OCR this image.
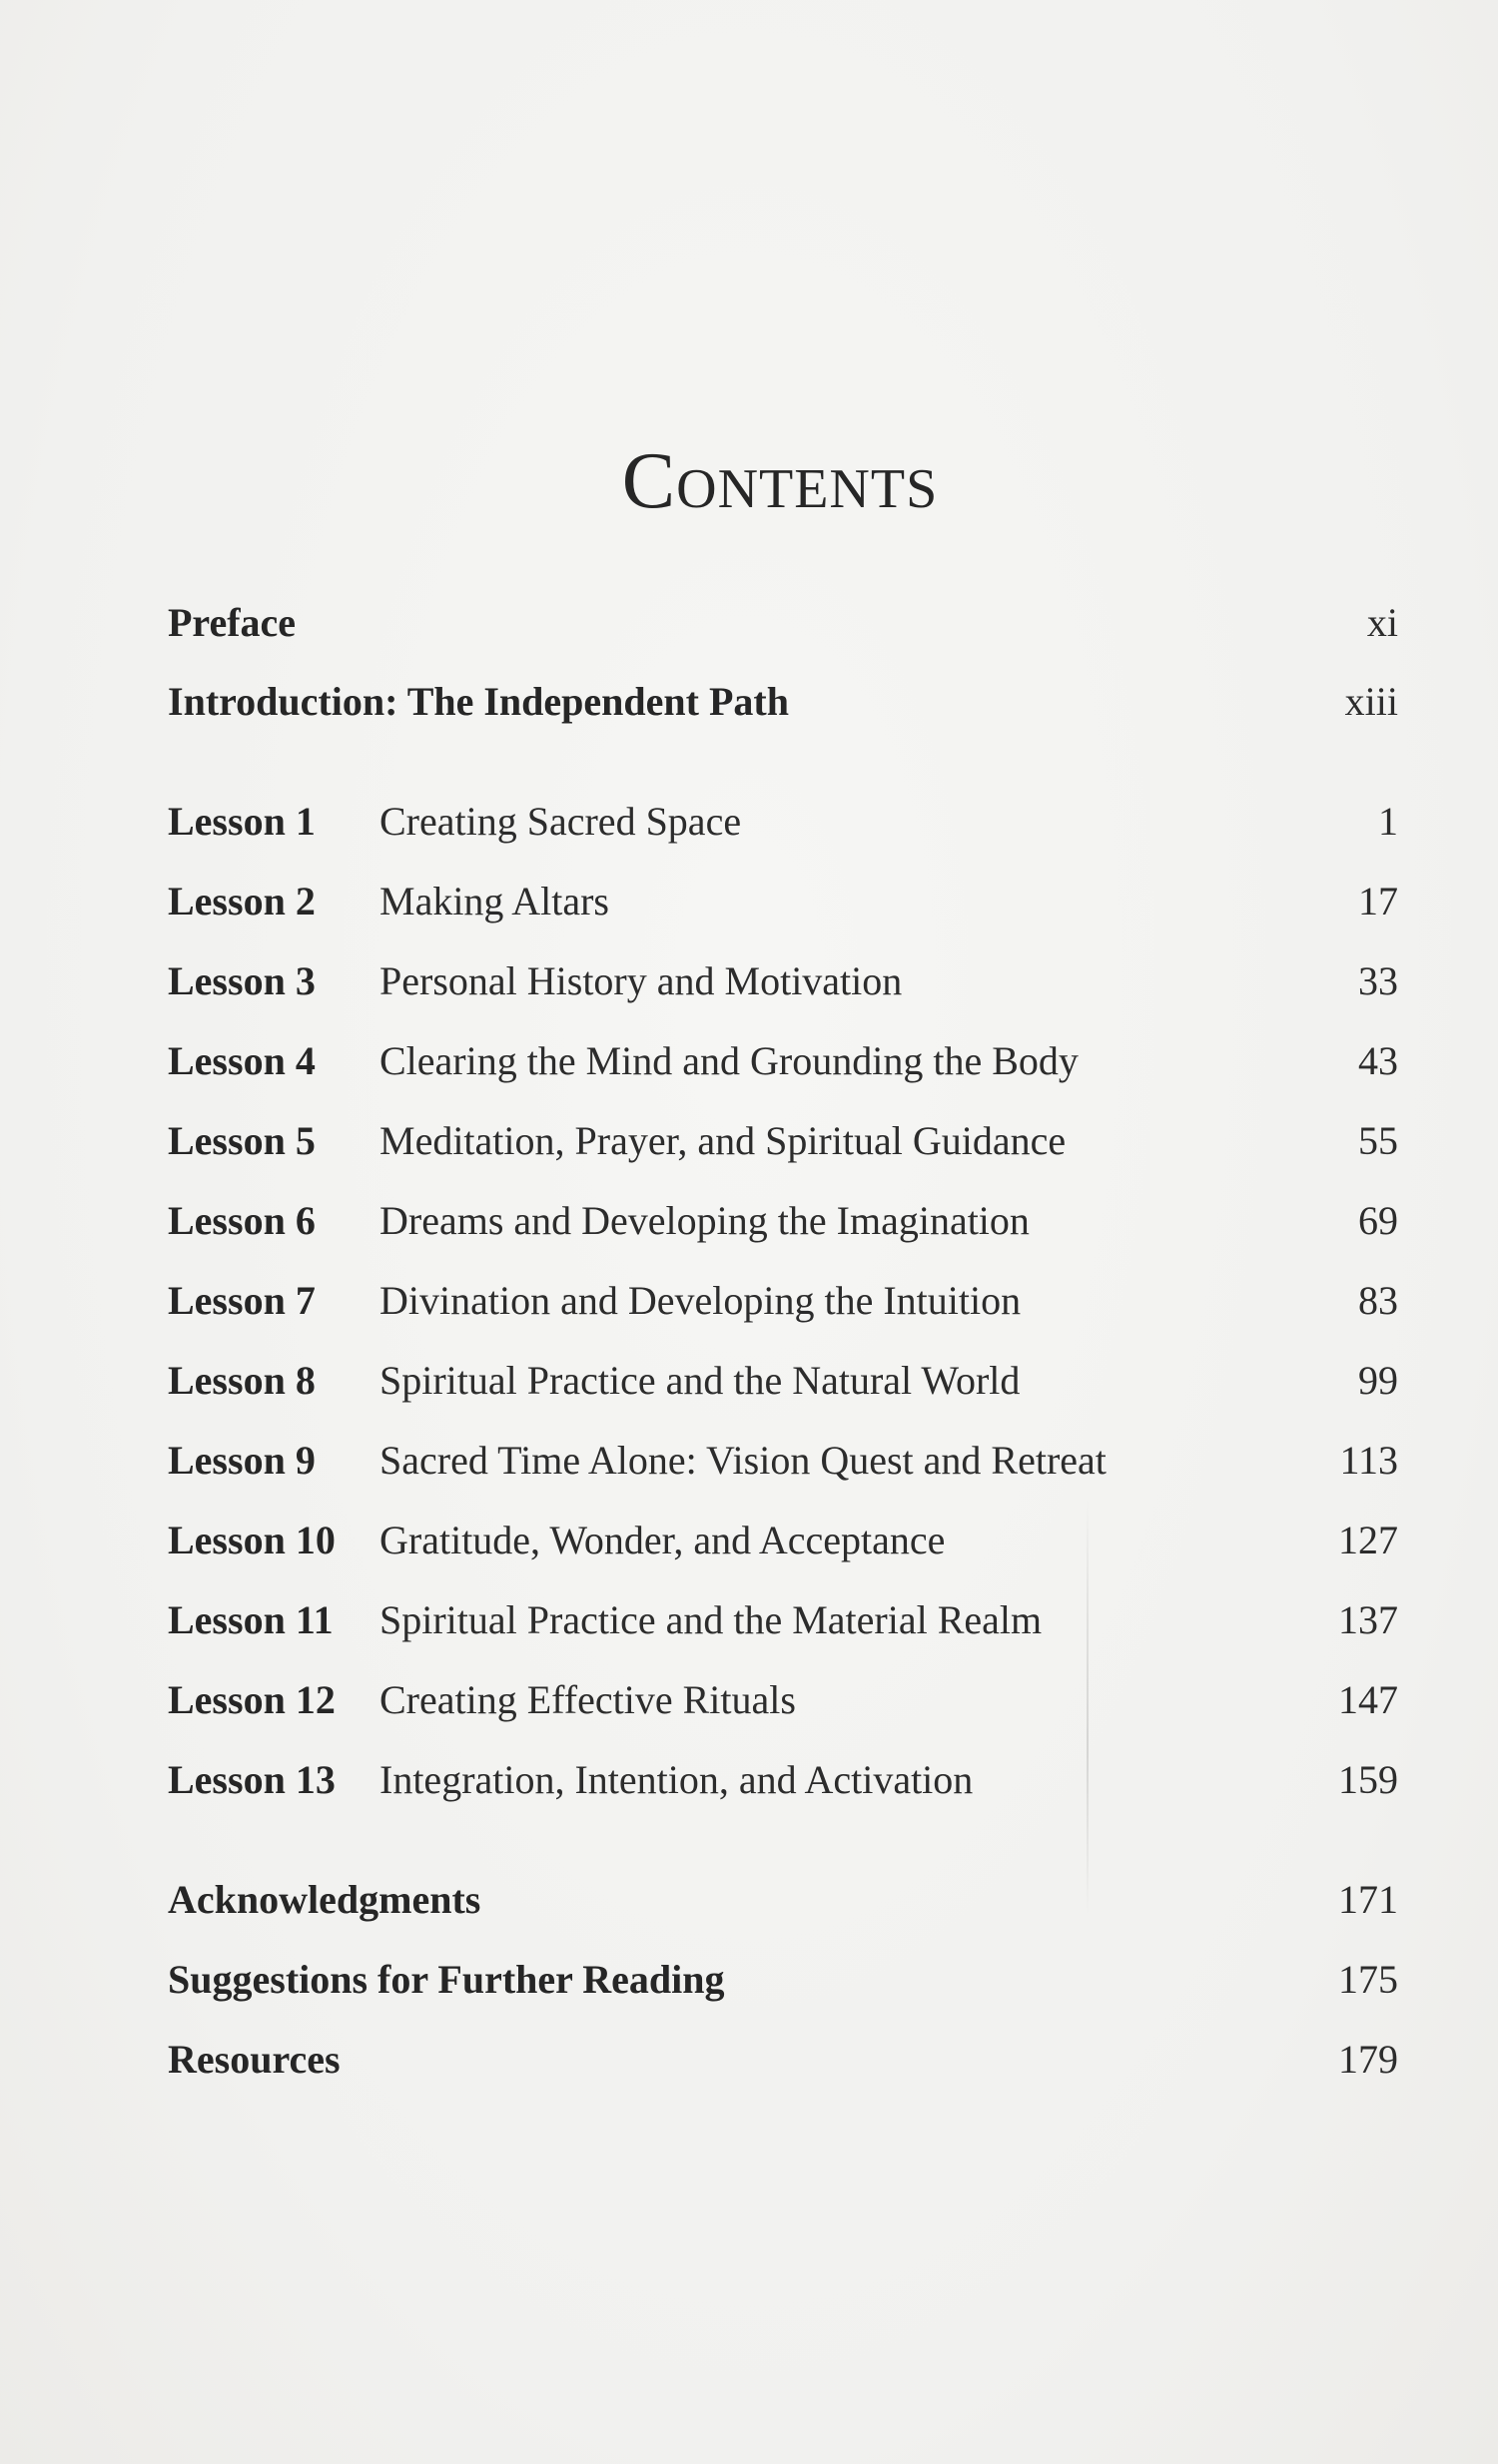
Contents
Preface	xi
Introduction: The Independent Path	xiii
Lesson 1 Creating Sacred Space	1
Lesson 2 Making Altars	17
Lesson 3 Personal History and Motivation	33
Lesson 4 Clearing the Mind and Grounding the Body	43
Lesson 5 Meditation, Prayer, and Spiritual Guidance	55
Lesson 6 Dreams and Developing the Imagination	69
Lesson 7 Divination and Developing the Intuition	83
Lesson 8 Spiritual Practice and the Natural World	99
Lesson 9 Sacred Time Alone: Vision Quest and Retreat	113
Lesson 10 Gratitude, Wonder, and Acceptance	127
Lesson 11 Spiritual Practice and the Material Realm	137
Lesson 12 Creating Effective Rituals	147
Lesson 13 Integration, Intention, and Activation	159
Acknowledgments	171
Suggestions for Further Reading	175
Resources	179
